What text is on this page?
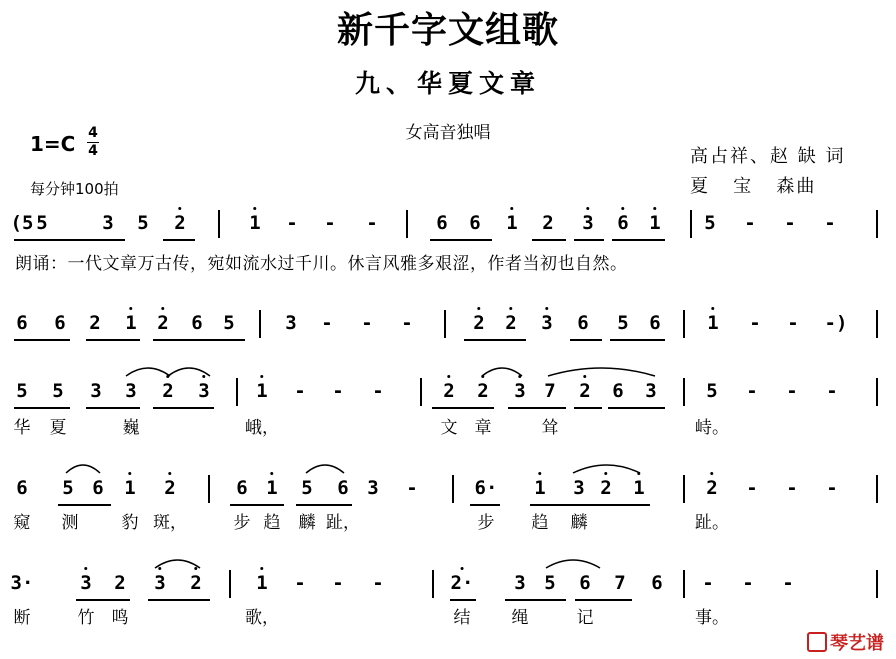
新千字文组歌
九、华夏文章
女高音独唱
1=C 4
4
每分钟100拍
高占祥、赵 缺 词
夏   宝   森曲
朗诵：一代文章万古传，宛如流水过千川。休言风雅多艰涩，作者当初也自然。
(5 5	3 5 2	1 - - -	6 6 1 2 3 6 1 5 - - -
6 6 2 1 2 6 5	3 - - -	2 2 3 6 5 6 1 - - -)
5 5 3 3 2 3 1 - - -	2 2 3 7 2 6 3	5 - - -
华 夏	巍	峨，	文 章	耸	峙。
6 5 6 1 2	6 1 5 6 3 -	6· 1 3 2 1	2 - - -
窥 测	豹 斑，	步 趋 麟 趾，	步 趋 麟	趾。
3· 3 2 3 2	1 - - -	2· 3 5 6 7 6 - - -
断	竹 鸣	歌，	结 绳	记	事。
琴艺谱
